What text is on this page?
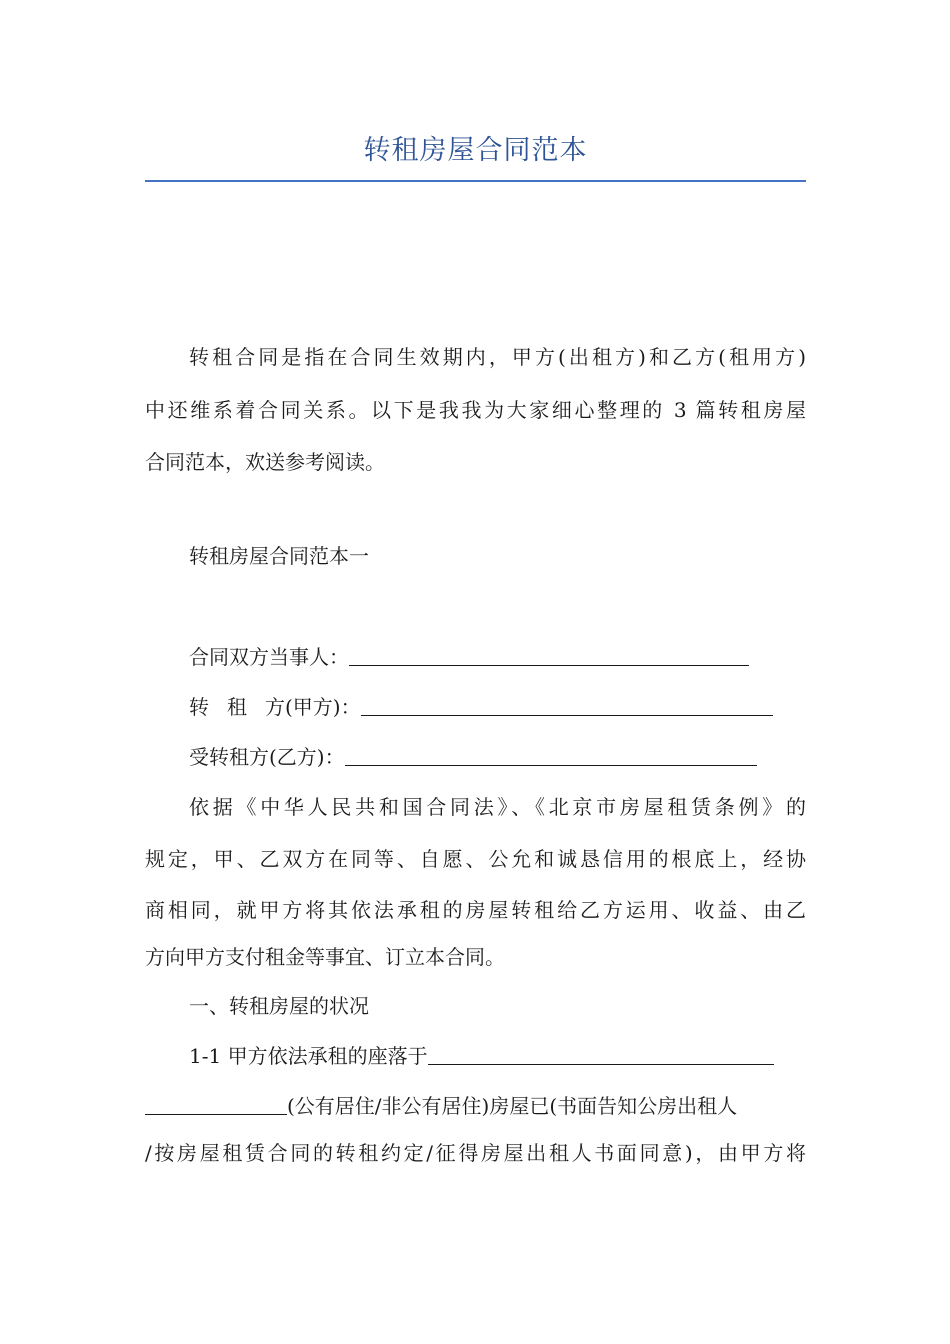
转租房屋合同范本
转租合同是指在合同生效期内，甲方(出租方)和乙方(租用方)
中还维系着合同关系。以下是我我为大家细心整理的 3 篇转租房屋
合同范本，欢送参考阅读。
转租房屋合同范本一
合同双方当事人：
转 租 方(甲方)：
受转租方(乙方)：
依据《中华人民共和国合同法》、《北京市房屋租赁条例》的
规定，甲、乙双方在同等、自愿、公允和诚恳信用的根底上，经协
商相同，就甲方将其依法承租的房屋转租给乙方运用、收益、由乙
方向甲方支付租金等事宜、订立本合同。
一、转租房屋的状况
1-1 甲方依法承租的座落于
(公有居住/非公有居住)房屋已(书面告知公房出租人
/按房屋租赁合同的转租约定/征得房屋出租人书面同意)，由甲方将
